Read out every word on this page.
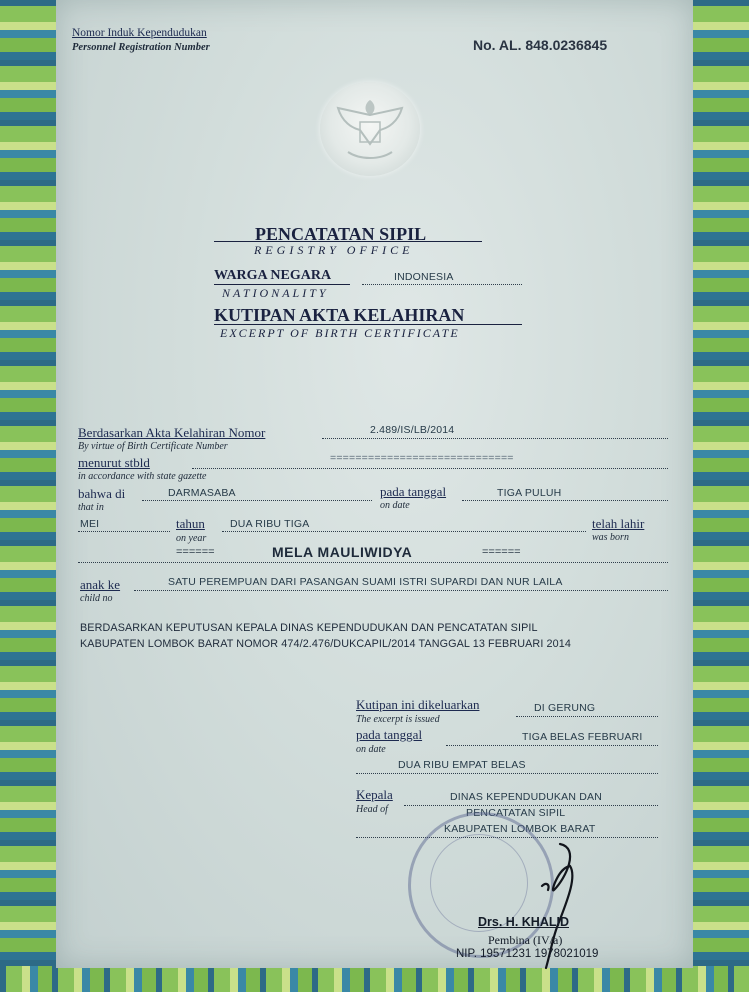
Nomor Induk Kependudukan
Personnel Registration Number	No. AL. 848.0236845
PENCATATAN SIPIL
REGISTRY OFFICE
WARGA NEGARA	INDONESIA
NATIONALITY
KUTIPAN AKTA KELAHIRAN
EXCERPT OF BIRTH CERTIFICATE
Berdasarkan Akta Kelahiran Nomor
By virtue of Birth Certificate Number
2.489/IS/LB/2014
menurut stbld
in accordance with state gazette
=============================
bahwa di
that in
DARMASABA	pada tanggal
on date
TIGA PULUH
MEI	tahun
on year
DUA RIBU TIGA	telah lahir
was born
======	MELA MAULIWIDYA	======
anak ke
child no
SATU PEREMPUAN DARI PASANGAN SUAMI ISTRI SUPARDI DAN NUR LAILA
BERDASARKAN KEPUTUSAN KEPALA DINAS KEPENDUDUKAN DAN PENCATATAN SIPIL
KABUPATEN LOMBOK BARAT NOMOR 474/2.476/DUKCAPIL/2014 TANGGAL 13 FEBRUARI 2014
Kutipan ini dikeluarkan
The excerpt is issued
DI GERUNG
pada tanggal
on date
TIGA BELAS FEBRUARI
DUA RIBU EMPAT BELAS
Kepala
Head of
DINAS KEPENDUDUKAN DAN
PENCATATAN SIPIL
KABUPATEN LOMBOK BARAT
Drs. H. KHALID
Pembina (IV/a)
NIP. 19571231 1978021019
